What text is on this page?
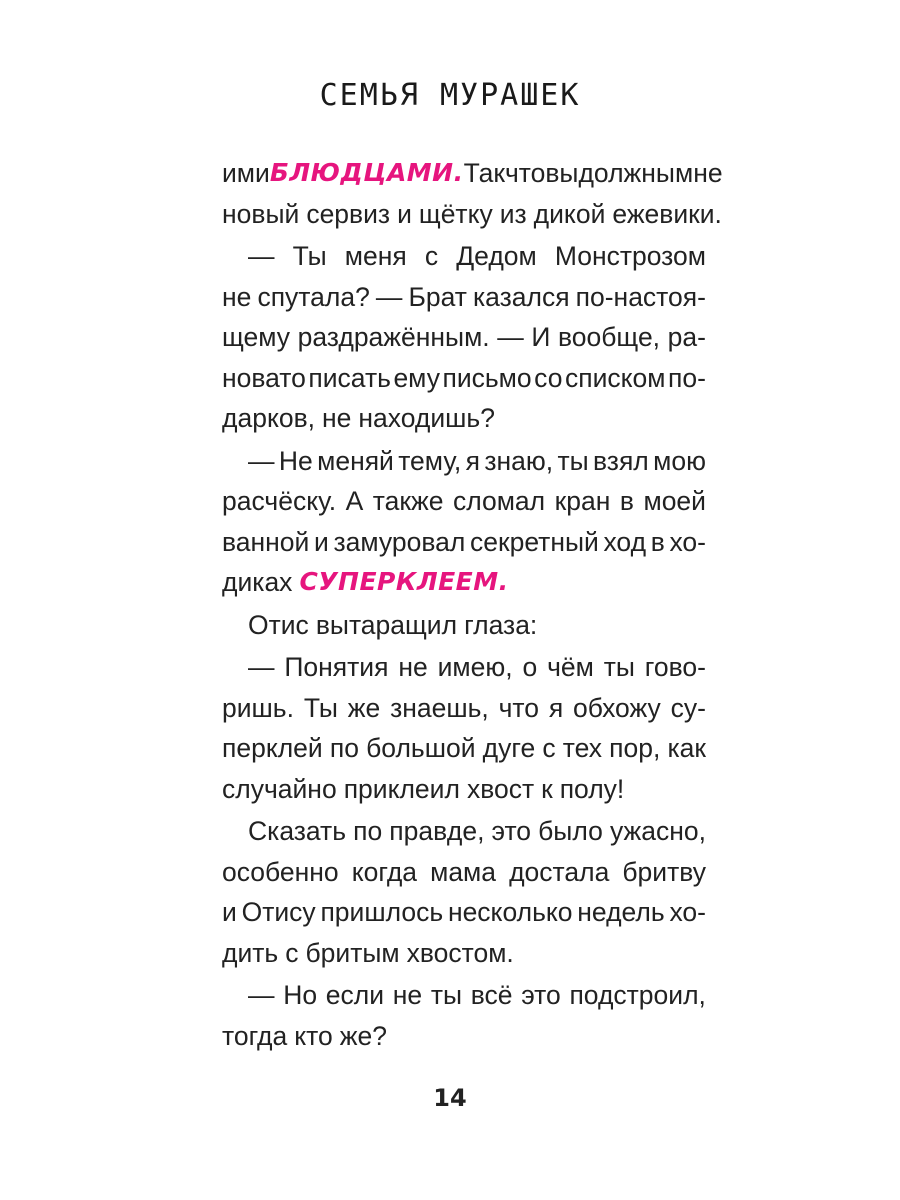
СЕМЬЯ МУРАШЕК
ими БЛЮДЦАМИ. Так что вы должны мне
новый сервиз и щётку из дикой ежевики.
— Ты меня с Дедом Монстрозом
не спутала? — Брат казался по-настоя-
щему раздражённым. — И вообще, ра-
новато писать ему письмо со списком по-
дарков, не находишь?
— Не меняй тему, я знаю, ты взял мою
расчёску. А также сломал кран в моей
ванной и замуровал секретный ход в хо-
диках СУПЕРКЛЕЕМ.
Отис вытаращил глаза:
— Понятия не имею, о чём ты гово-
ришь. Ты же знаешь, что я обхожу су-
перклей по большой дуге с тех пор, как
случайно приклеил хвост к полу!
Сказать по правде, это было ужасно,
особенно когда мама достала бритву
и Отису пришлось несколько недель хо-
дить с бритым хвостом.
— Но если не ты всё это подстроил,
тогда кто же?
14
